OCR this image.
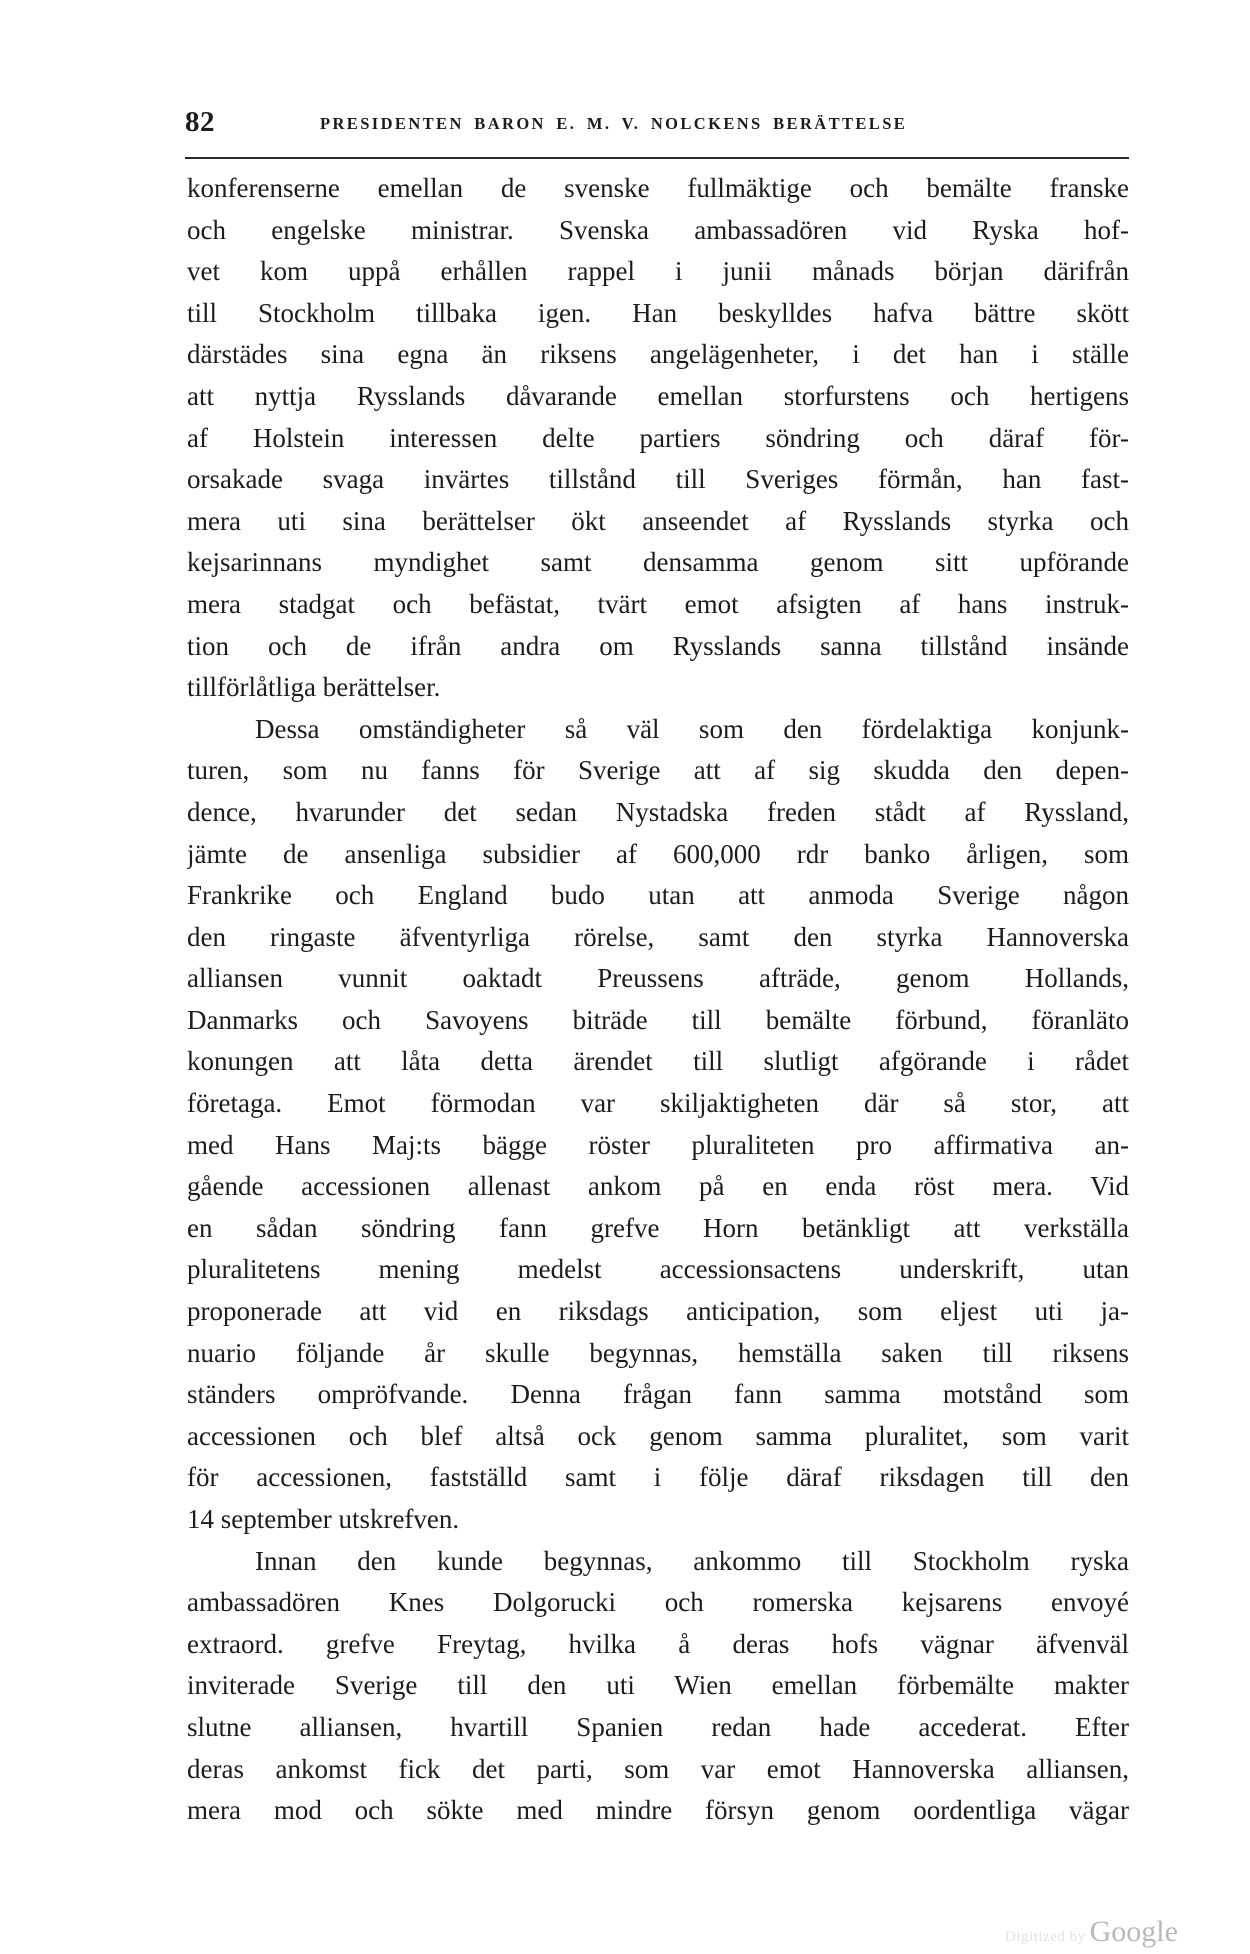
82	PRESIDENTEN BARON E. M. V. NOLCKENS BERÄTTELSE
konferenserne emellan de svenske fullmäktige och bemälte franske
och engelske ministrar. Svenska ambassadören vid Ryska hof-
vet kom uppå erhållen rappel i junii månads början därifrån
till Stockholm tillbaka igen. Han beskylldes hafva bättre skött
därstädes sina egna än riksens angelägenheter, i det han i ställe
att nyttja Rysslands dåvarande emellan storfurstens och hertigens
af Holstein interessen delte partiers söndring och däraf för-
orsakade svaga invärtes tillstånd till Sveriges förmån, han fast-
mera uti sina berättelser ökt anseendet af Rysslands styrka och
kejsarinnans myndighet samt densamma genom sitt upförande
mera stadgat och befästat, tvärt emot afsigten af hans instruk-
tion och de ifrån andra om Rysslands sanna tillstånd insände
tillförlåtliga berättelser.
Dessa omständigheter så väl som den fördelaktiga konjunk-
turen, som nu fanns för Sverige att af sig skudda den depen-
dence, hvarunder det sedan Nystadska freden stådt af Ryssland,
jämte de ansenliga subsidier af 600,000 rdr banko årligen, som
Frankrike och England budo utan att anmoda Sverige någon
den ringaste äfventyrliga rörelse, samt den styrka Hannoverska
alliansen vunnit oaktadt Preussens afträde, genom Hollands,
Danmarks och Savoyens biträde till bemälte förbund, föranläto
konungen att låta detta ärendet till slutligt afgörande i rådet
företaga. Emot förmodan var skiljaktigheten där så stor, att
med Hans Maj:ts bägge röster pluraliteten pro affirmativa an-
gående accessionen allenast ankom på en enda röst mera. Vid
en sådan söndring fann grefve Horn betänkligt att verkställa
pluralitetens mening medelst accessionsactens underskrift, utan
proponerade att vid en riksdags anticipation, som eljest uti ja-
nuario följande år skulle begynnas, hemställa saken till riksens
ständers ompröfvande. Denna frågan fann samma motstånd som
accessionen och blef altså ock genom samma pluralitet, som varit
för accessionen, fastställd samt i följe däraf riksdagen till den
14 september utskrefven.
Innan den kunde begynnas, ankommo till Stockholm ryska
ambassadören Knes Dolgorucki och romerska kejsarens envoyé
extraord. grefve Freytag, hvilka å deras hofs vägnar äfvenväl
inviterade Sverige till den uti Wien emellan förbemälte makter
slutne alliansen, hvartill Spanien redan hade accederat. Efter
deras ankomst fick det parti, som var emot Hannoverska alliansen,
mera mod och sökte med mindre försyn genom oordentliga vägar
Digitized by Google
